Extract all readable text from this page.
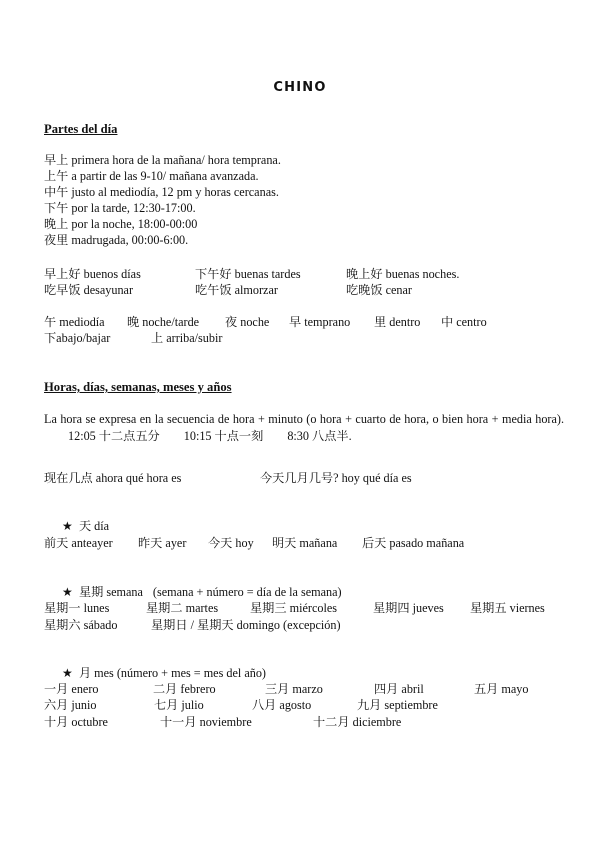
CHINO
Partes del día
早上 primera hora de la mañana/ hora temprana.
上午 a partir de las 9-10/ mañana avanzada.
中午 justo al mediodía, 12 pm y horas cercanas.
下午 por la tarde, 12:30-17:00.
晚上 por la noche, 18:00-00:00
夜里 madrugada, 00:00-6:00.
早上好 buenos días	下午好 buenas tardes	晚上好 buenas noches.
吃早饭 desayunar	吃午饭 almorzar	吃晚饭 cenar
午 mediodía 晚 noche/tarde 夜 noche 早 temprano 里 dentro 中 centro
下abajo/bajar	上 arriba/subir
Horas, días, semanas, meses y años
La hora se expresa en la secuencia de hora + minuto (o hora + cuarto de hora, o bien hora + media hora).12:05 十二点五分 10:15 十点一刻 8:30 八点半.
现在几点 ahora qué hora es	今天几月几号? hoy qué día es
★ 天 día
前天 anteayer 昨天 ayer 今天 hoy 明天 mañana 后天 pasado mañana
★ 星期 semana (semana + número = día de la semana)
星期一 lunes	星期二 martes	星期三 miércoles	星期四 jueves 星期五 viernes
星期六 sábado	星期日 / 星期天 domingo (excepción)
★ 月 mes (número + mes = mes del año)
一月 enero	二月 febrero	三月 marzo	四月 abril	五月 mayo
六月 junio	七月 julio	八月 agosto	九月 septiembre
十月 octubre	十一月 noviembre	十二月 diciembre
